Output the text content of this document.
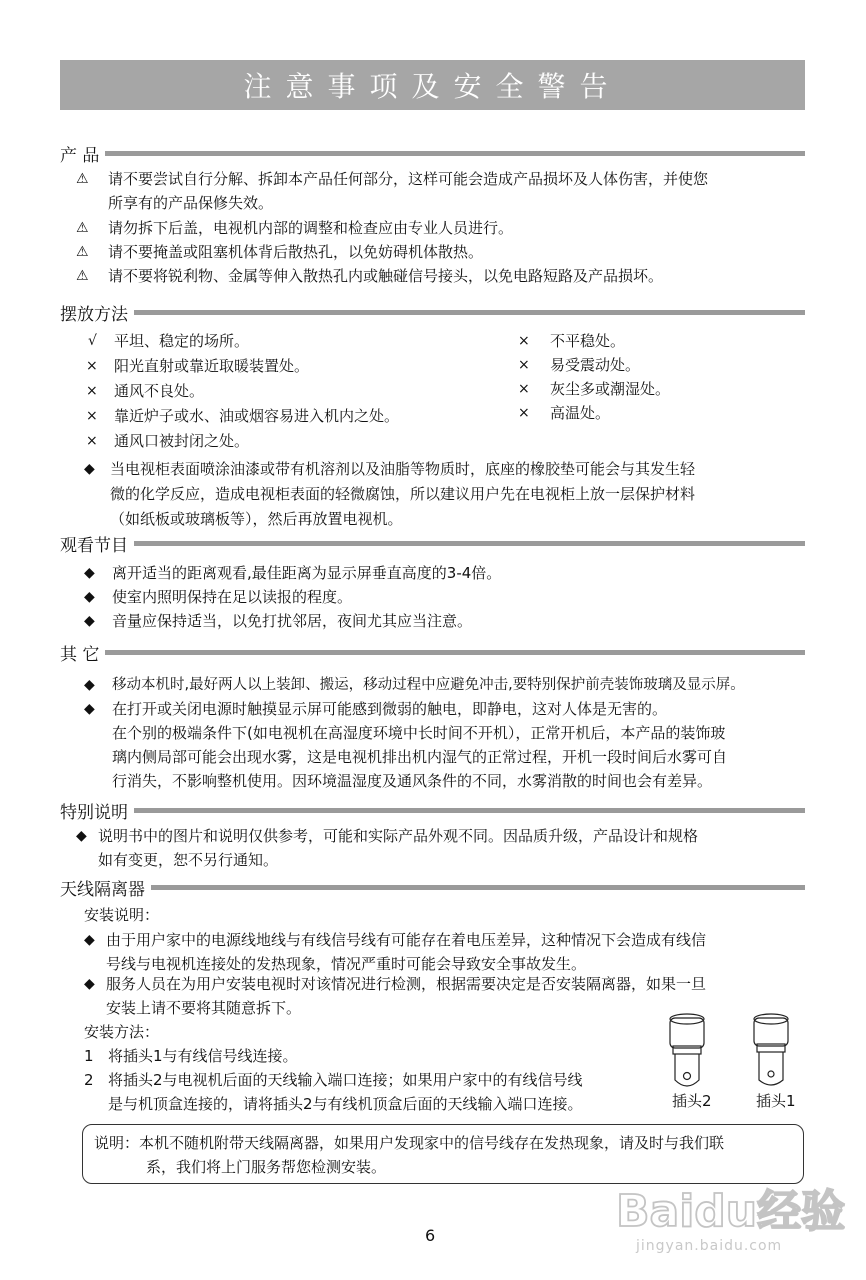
注意事项及安全警告
产 品
⚠ 请不要尝试自行分解、拆卸本产品任何部分，这样可能会造成产品损坏及人体伤害，并使您
所享有的产品保修失效。
⚠ 请勿拆下后盖，电视机内部的调整和检查应由专业人员进行。
⚠ 请不要掩盖或阻塞机体背后散热孔，以免妨碍机体散热。
⚠ 请不要将锐利物、金属等伸入散热孔内或触碰信号接头，以免电路短路及产品损坏。
摆放方法
√ 平坦、稳定的场所。
× 阳光直射或靠近取暖装置处。
× 通风不良处。
× 靠近炉子或水、油或烟容易进入机内之处。
× 通风口被封闭之处。
× 不平稳处。
× 易受震动处。
× 灰尘多或潮湿处。
× 高温处。
◆ 当电视柜表面喷涂油漆或带有机溶剂以及油脂等物质时，底座的橡胶垫可能会与其发生轻
微的化学反应，造成电视柜表面的轻微腐蚀，所以建议用户先在电视柜上放一层保护材料
（如纸板或玻璃板等），然后再放置电视机。
观看节目
◆ 离开适当的距离观看,最佳距离为显示屏垂直高度的3-4倍。
◆ 使室内照明保持在足以读报的程度。
◆ 音量应保持适当，以免打扰邻居，夜间尤其应当注意。
其 它
◆ 移动本机时,最好两人以上装卸、搬运，移动过程中应避免冲击,要特别保护前壳装饰玻璃及显示屏。
◆ 在打开或关闭电源时触摸显示屏可能感到微弱的触电，即静电，这对人体是无害的。
在个别的极端条件下(如电视机在高湿度环境中长时间不开机），正常开机后，本产品的装饰玻
璃内侧局部可能会出现水雾，这是电视机排出机内湿气的正常过程，开机一段时间后水雾可自
行消失，不影响整机使用。因环境温湿度及通风条件的不同，水雾消散的时间也会有差异。
特别说明
◆ 说明书中的图片和说明仅供参考，可能和实际产品外观不同。因品质升级，产品设计和规格
如有变更，恕不另行通知。
天线隔离器
安装说明：
◆ 由于用户家中的电源线地线与有线信号线有可能存在着电压差异，这种情况下会造成有线信
号线与电视机连接处的发热现象，情况严重时可能会导致安全事故发生。
◆ 服务人员在为用户安装电视时对该情况进行检测，根据需要决定是否安装隔离器，如果一旦
安装上请不要将其随意拆下。
安装方法：
1 将插头1与有线信号线连接。
2 将插头2与电视机后面的天线输入端口连接；如果用户家中的有线信号线
是与机顶盒连接的，请将插头2与有线机顶盒后面的天线输入端口连接。	插头2	插头1
说明：本机不随机附带天线隔离器，如果用户发现家中的信号线存在发热现象，请及时与我们联
系，我们将上门服务帮您检测安装。
6	Baidu经验
jingyan.baidu.com
